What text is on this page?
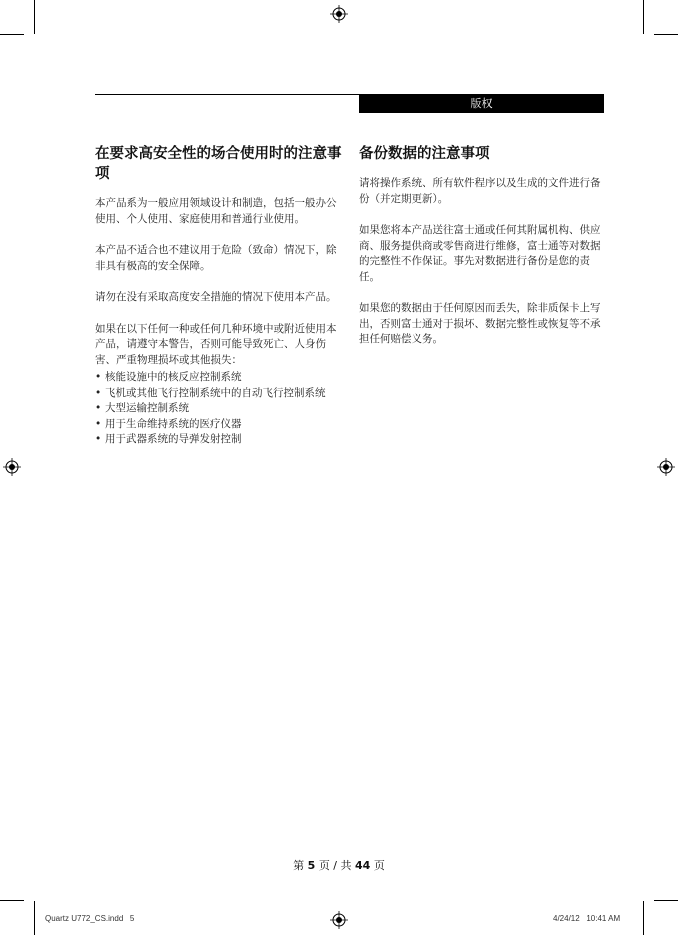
版权
在要求高安全性的场合使用时的注意事项

本产品系为一般应用领域设计和制造，包括一般办公使用、个人使用、家庭使用和普通行业使用。

本产品不适合也不建议用于危险（致命）情况下，除非具有极高的安全保障。

请勿在没有采取高度安全措施的情况下使用本产品。

如果在以下任何一种或任何几种环境中或附近使用本产品，请遵守本警告，否则可能导致死亡、人身伤害、严重物理损坏或其他损失：

• 核能设施中的核反应控制系统
• 飞机或其他飞行控制系统中的自动飞行控制系统
• 大型运输控制系统
• 用于生命维持系统的医疗仪器
• 用于武器系统的导弹发射控制
备份数据的注意事项

请将操作系统、所有软件程序以及生成的文件进行备份（并定期更新）。

如果您将本产品送往富士通或任何其附属机构、供应商、服务提供商或零售商进行维修，富士通等对数据的完整性不作保证。事先对数据进行备份是您的责任。

如果您的数据由于任何原因而丢失，除非质保卡上写出，否则富士通对于损坏、数据完整性或恢复等不承担任何赔偿义务。

第 5 页 / 共 44 页
Quartz U772_CS.indd   5	4/24/12   10:41 AM
